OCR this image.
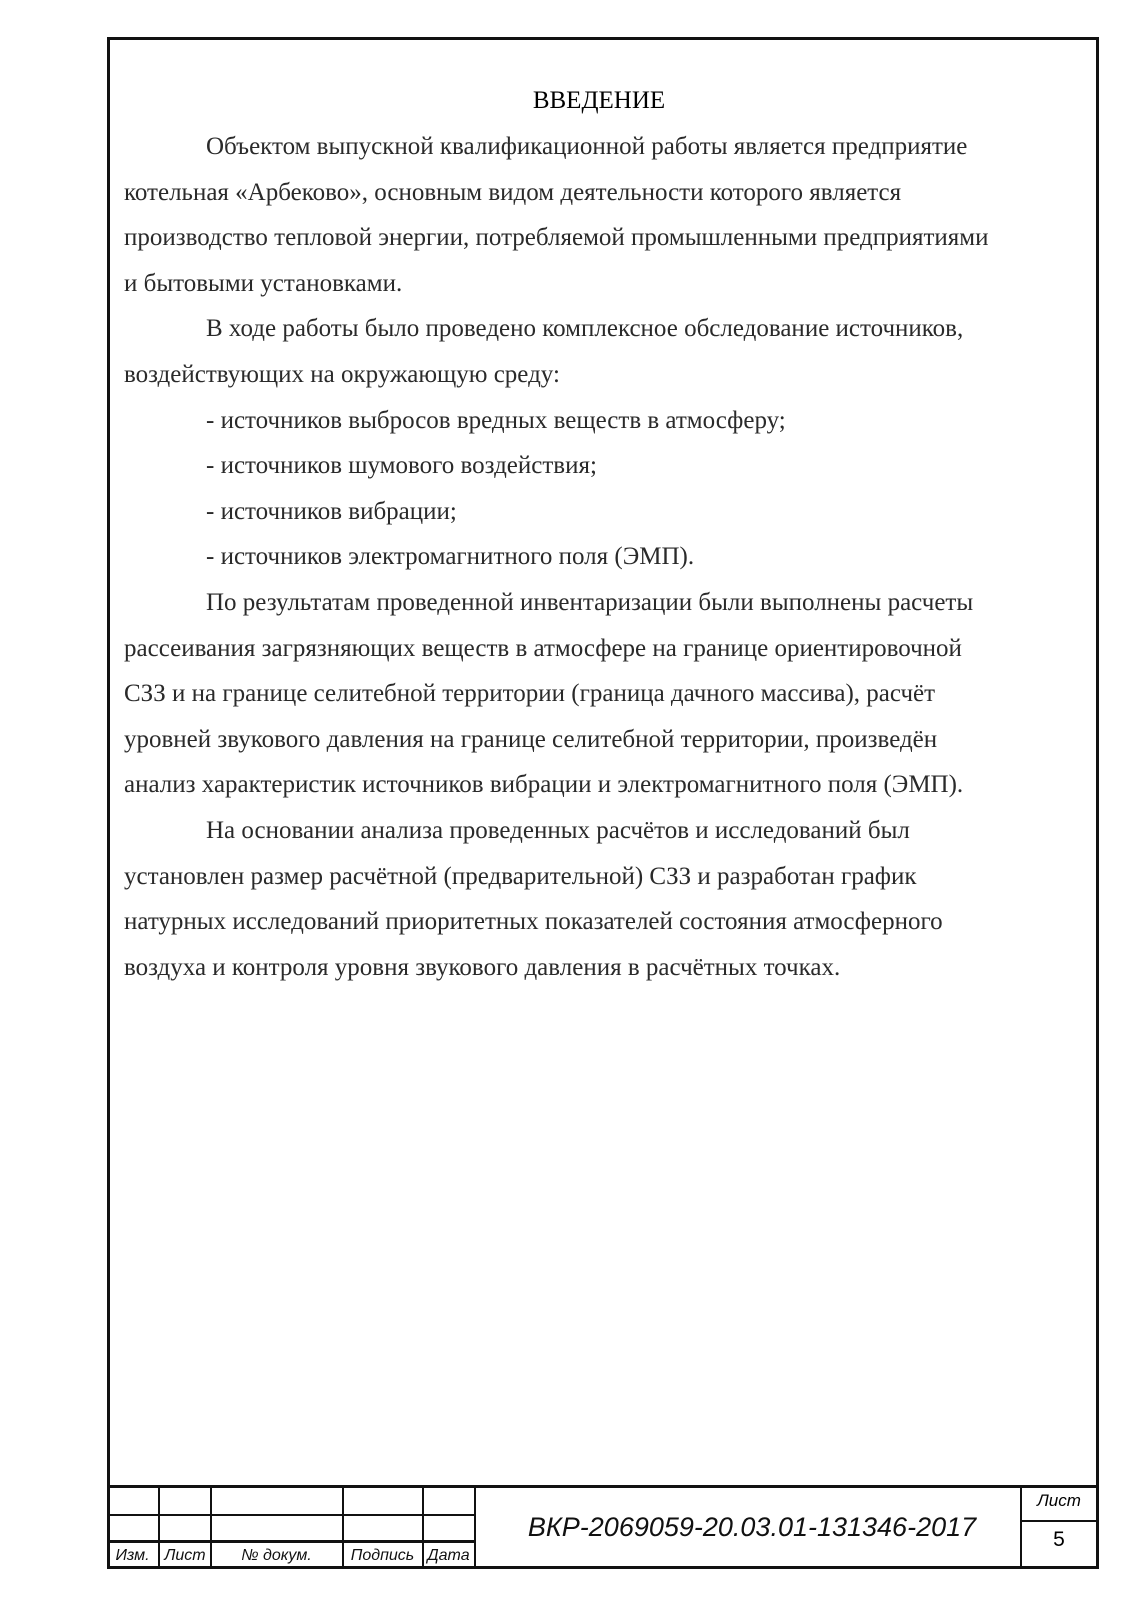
ВВЕДЕНИЕ
Объектом выпускной квалификационной работы является предприятие
котельная «Арбеково», основным видом деятельности которого является
производство тепловой энергии, потребляемой промышленными предприятиями
и бытовыми установками.
В ходе работы было проведено комплексное обследование источников,
воздействующих на окружающую среду:
- источников выбросов вредных веществ в атмосферу;
- источников шумового воздействия;
- источников вибрации;
- источников электромагнитного поля (ЭМП).
По результатам проведенной инвентаризации были выполнены расчеты
рассеивания загрязняющих веществ в атмосфере на границе ориентировочной
СЗЗ и на границе селитебной территории (граница дачного массива), расчёт
уровней звукового давления на границе селитебной территории, произведён
анализ характеристик источников вибрации и электромагнитного поля (ЭМП).
На основании анализа проведенных расчётов и исследований был
установлен размер расчётной (предварительной) СЗЗ и разработан график
натурных исследований приоритетных показателей состояния атмосферного
воздуха и контроля уровня звукового давления в расчётных точках.
Изм. Лист	№ докум.	Подпись Дата
ВКР-2069059-20.03.01-131346-2017
Лист
5
